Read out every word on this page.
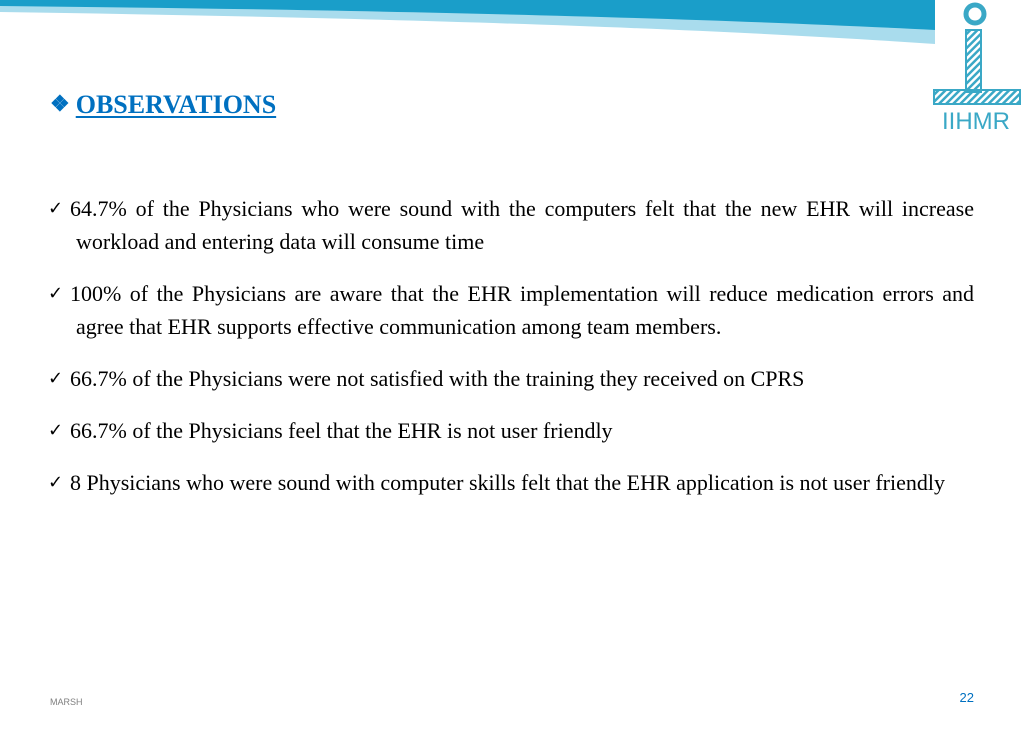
IIHMR
❖ OBSERVATIONS
✓ 64.7% of the Physicians who were sound with the computers felt that the new EHR will increase workload and entering data will consume time
✓ 100% of the Physicians are aware that the EHR implementation will reduce medication errors and agree that EHR supports effective communication among team members.
✓ 66.7% of the Physicians were not satisfied with the training they received on CPRS
✓ 66.7% of the Physicians feel that the EHR is not user friendly
✓ 8 Physicians who were sound with computer skills felt that the EHR application is not user friendly
MARSH	22
